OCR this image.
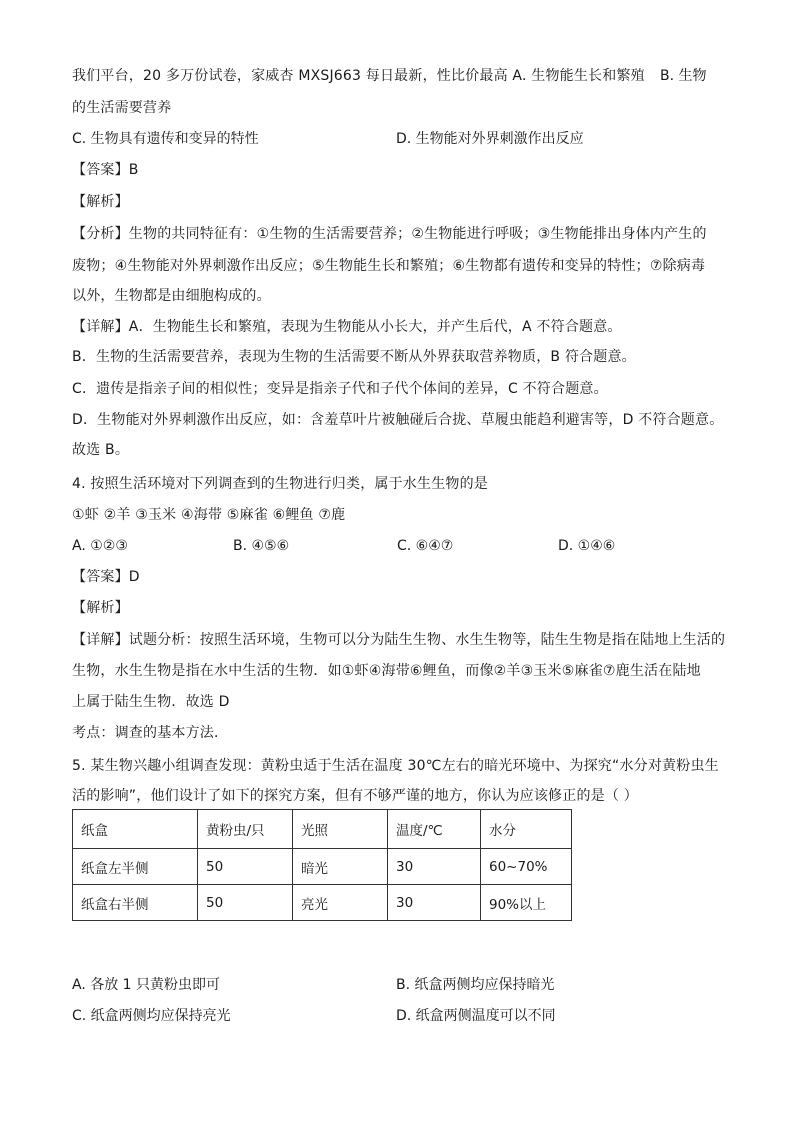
我们平台，20 多万份试卷，家威杏 MXSJ663 每日最新，性比价最高 A. 生物能生长和繁殖
的生活需要营养
【答案】B
【解析】
【分析】生物的共同特征有：①生物的生活需要营养；②生物能进行呼吸；③生物能排出身体内产生的
废物；④生物能对外界刺激作出反应；⑤生物能生长和繁殖；⑥生物都有遗传和变异的特性；⑦除病毒
以外，生物都是由细胞构成的。
【详解】A．生物能生长和繁殖，表现为生物能从小长大，并产生后代，A 不符合题意。
B．生物的生活需要营养，表现为生物的生活需要不断从外界获取营养物质，B 符合题意。
C．遗传是指亲子间的相似性；变异是指亲子代和子代个体间的差异，C 不符合题意。
D．生物能对外界刺激作出反应，如：含羞草叶片被触碰后合拢、草履虫能趋利避害等，D 不符合题意。
故选 B。
4. 按照生活环境对下列调查到的生物进行归类，属于水生生物的是
①虾 ②羊 ③玉米 ④海带 ⑤麻雀 ⑥鲤鱼 ⑦鹿
【答案】D
【解析】
【详解】试题分析：按照生活环境，生物可以分为陆生生物、水生生物等，陆生生物是指在陆地上生活的
生物，水生生物是指在水中生活的生物．如①虾④海带⑥鲤鱼，而像②羊③玉米⑤麻雀⑦鹿生活在陆地
上属于陆生生物．故选 D
考点：调查的基本方法．
5. 某生物兴趣小组调查发现：黄粉虫适于生活在温度 30℃左右的暗光环境中、为探究“水分对黄粉虫生
活的影响”，他们设计了如下的探究方案，但有不够严谨的地方，你认为应该修正的是（ ）
B. 生物
C. 生物具有遗传和变异的特性	D. 生物能对外界刺激作出反应
A. ①②③	B. ④⑤⑥	C. ⑥④⑦	D. ①④⑥
A. 各放 1 只黄粉虫即可	B. 纸盒两侧均应保持暗光
C. 纸盒两侧均应保持亮光	D. 纸盒两侧温度可以不同
纸盒	黄粉虫/只	光照	温度/℃	水分
纸盒左半侧	50	暗光	30	60~70%
纸盒右半侧	50	亮光	30	90%以上
